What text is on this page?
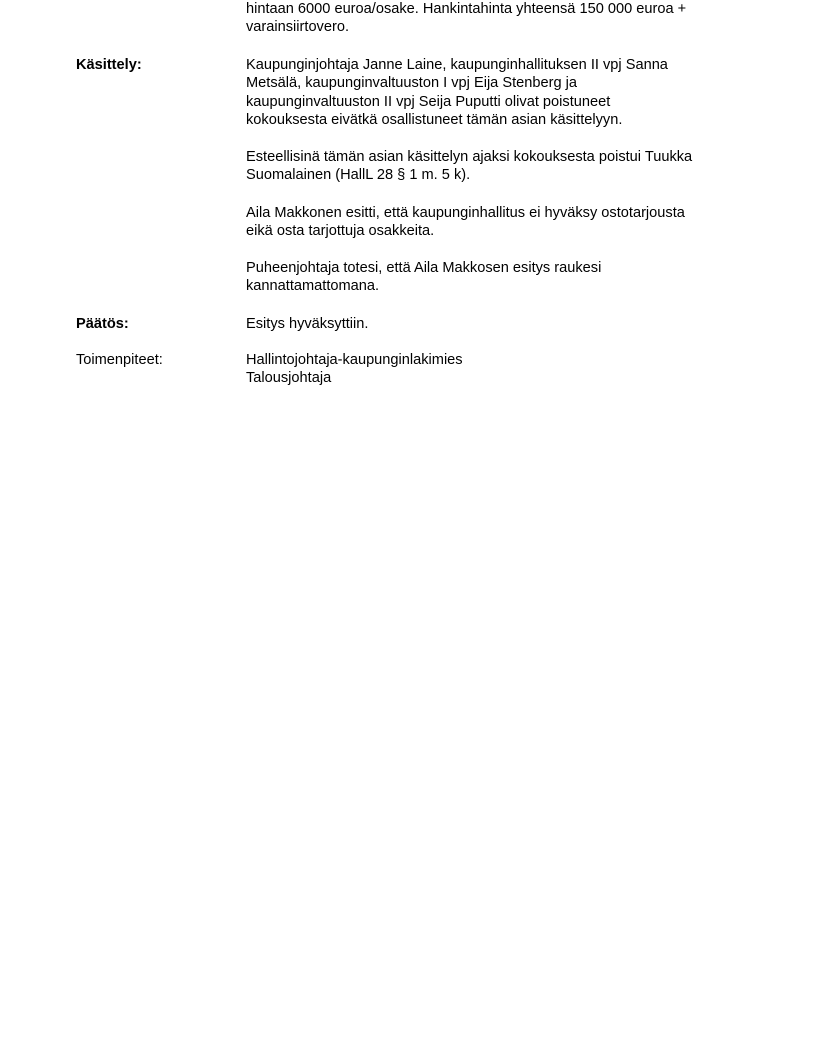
hintaan 6000 euroa/osake. Hankintahinta yhteensä 150 000 euroa +
varainsiirtovero.
Käsittely:	Kaupunginjohtaja Janne Laine, kaupunginhallituksen II vpj Sanna
Metsälä, kaupunginvaltuuston I vpj Eija Stenberg ja
kaupunginvaltuuston II vpj Seija Puputti olivat poistuneet
kokouksesta eivätkä osallistuneet tämän asian käsittelyyn.
Esteellisinä tämän asian käsittelyn ajaksi kokouksesta poistui Tuukka
Suomalainen (HallL 28 § 1 m. 5 k).
Aila Makkonen esitti, että kaupunginhallitus ei hyväksy ostotarjousta
eikä osta tarjottuja osakkeita.
Puheenjohtaja totesi, että Aila Makkosen esitys raukesi
kannattamattomana.
Päätös:	Esitys hyväksyttiin.
Toimenpiteet:	Hallintojohtaja-kaupunginlakimies
Talousjohtaja
